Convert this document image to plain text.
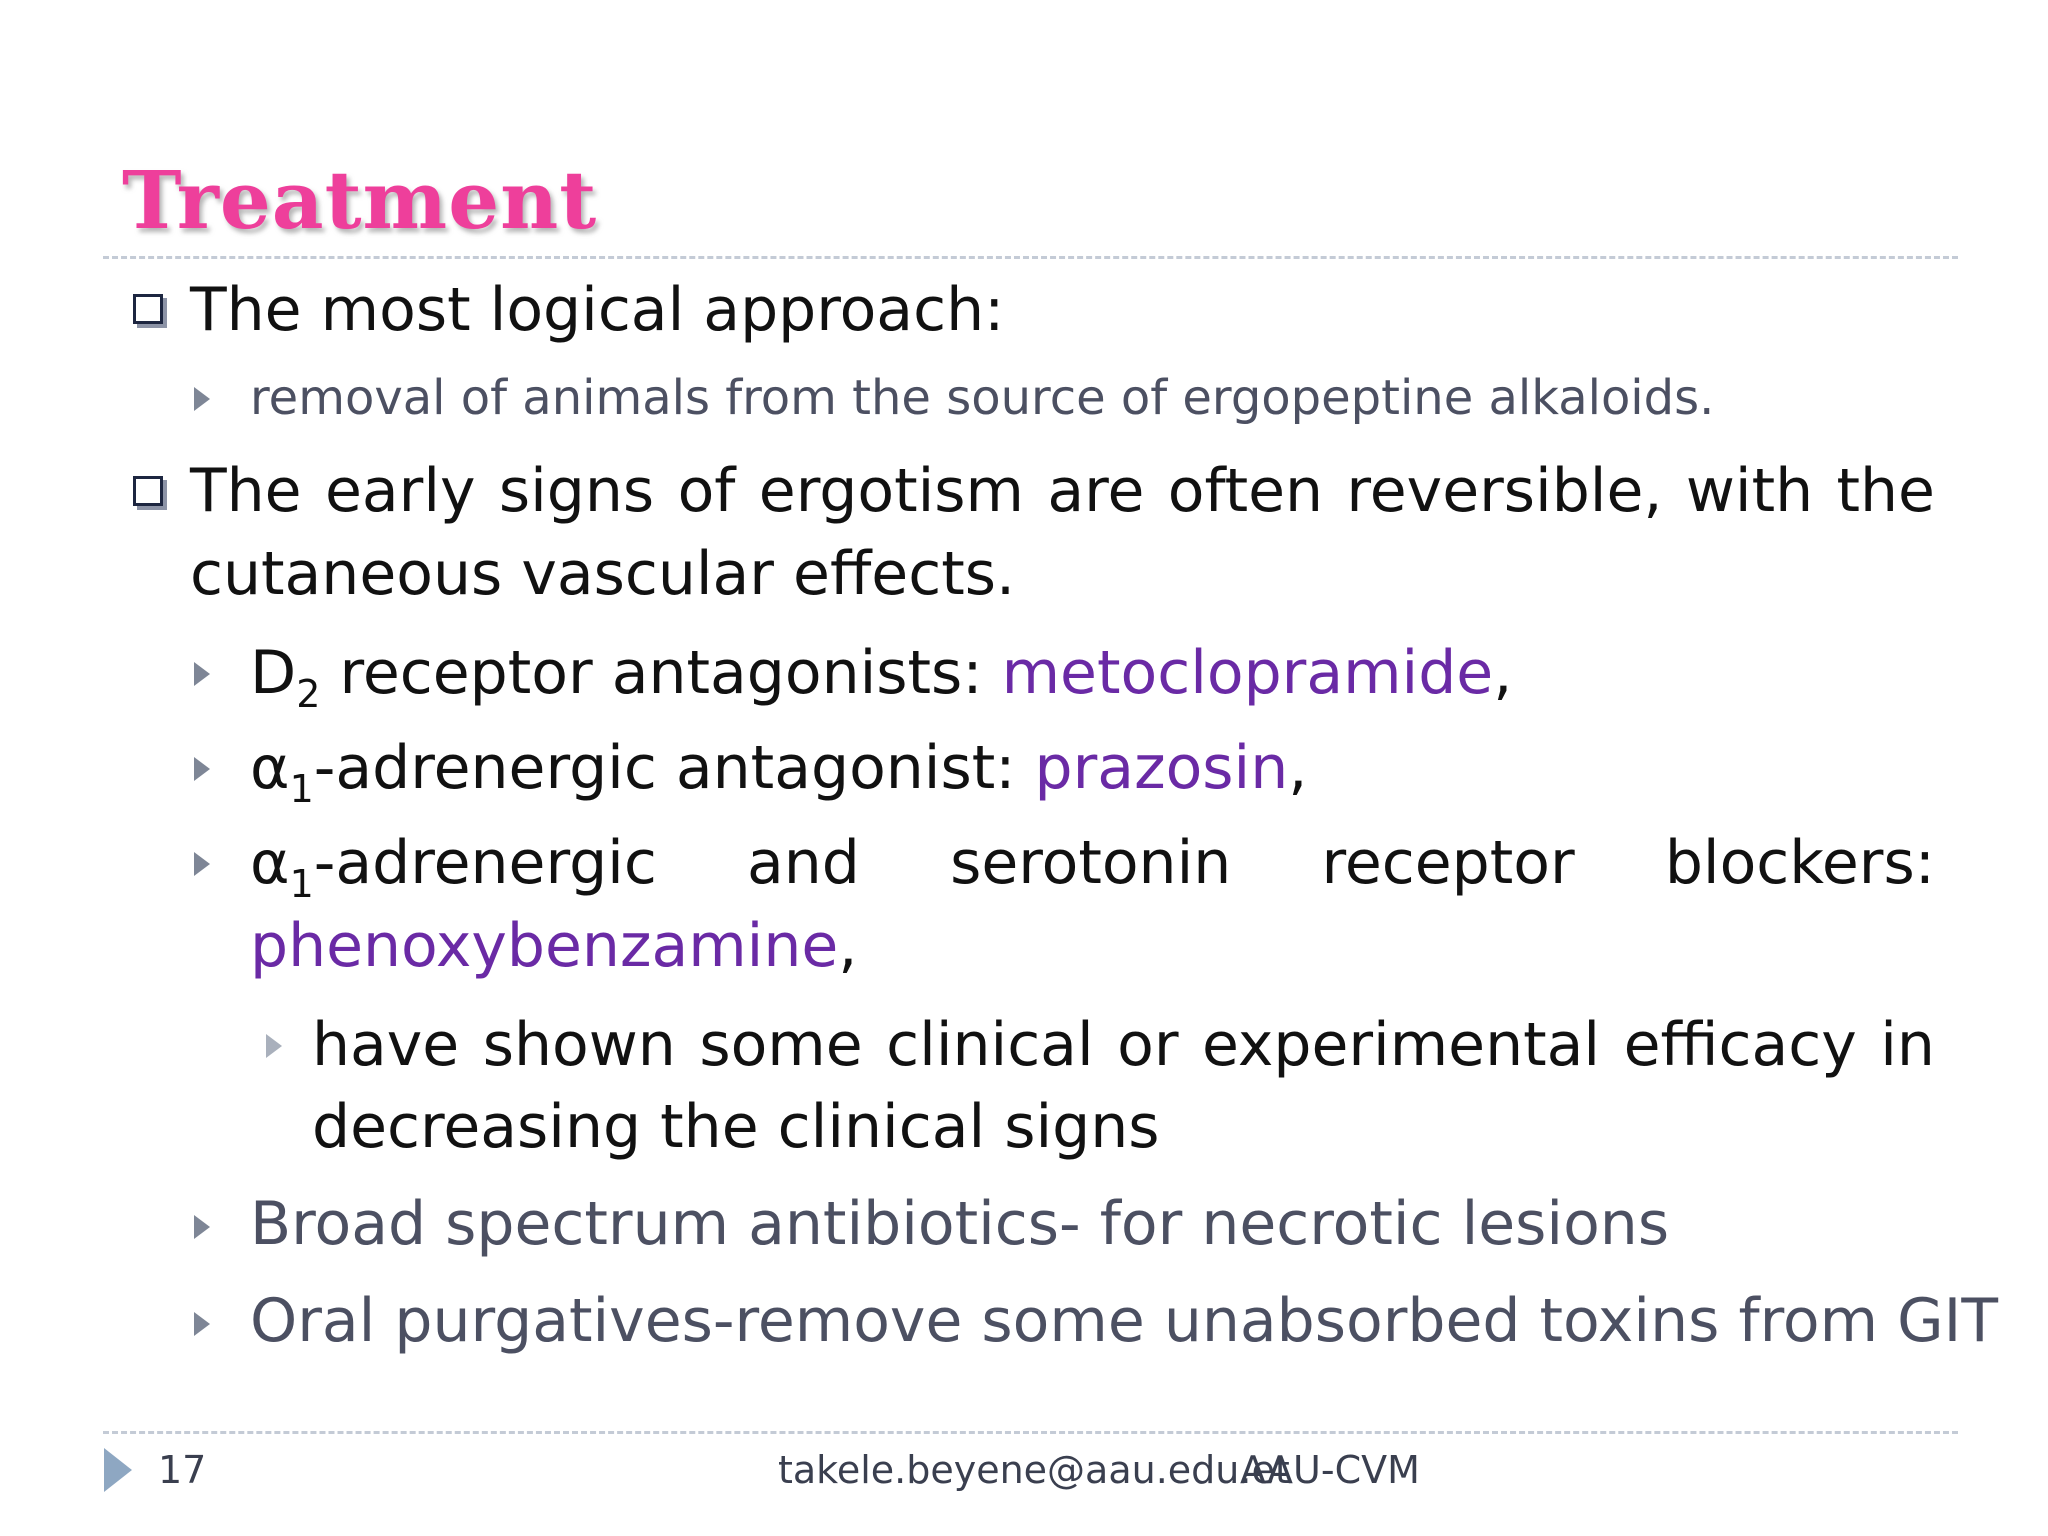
Treatment
The most logical approach:
removal of animals from the source of ergopeptine alkaloids.
The early signs of ergotism are often reversible, with the
cutaneous vascular effects.
$D_2$ receptor antagonists: metoclopramide,
$\alpha_1$-adrenergic antagonist: prazosin,
$\alpha_1$-adrenergic and serotonin receptor blockers:
phenoxybenzamine,
have shown some clinical or experimental efficacy in
decreasing the clinical signs
Broad spectrum antibiotics- for necrotic lesions
Oral purgatives-remove some unabsorbed toxins from GIT
17	takele.beyene@aau.edu.et
AAU-CVM
